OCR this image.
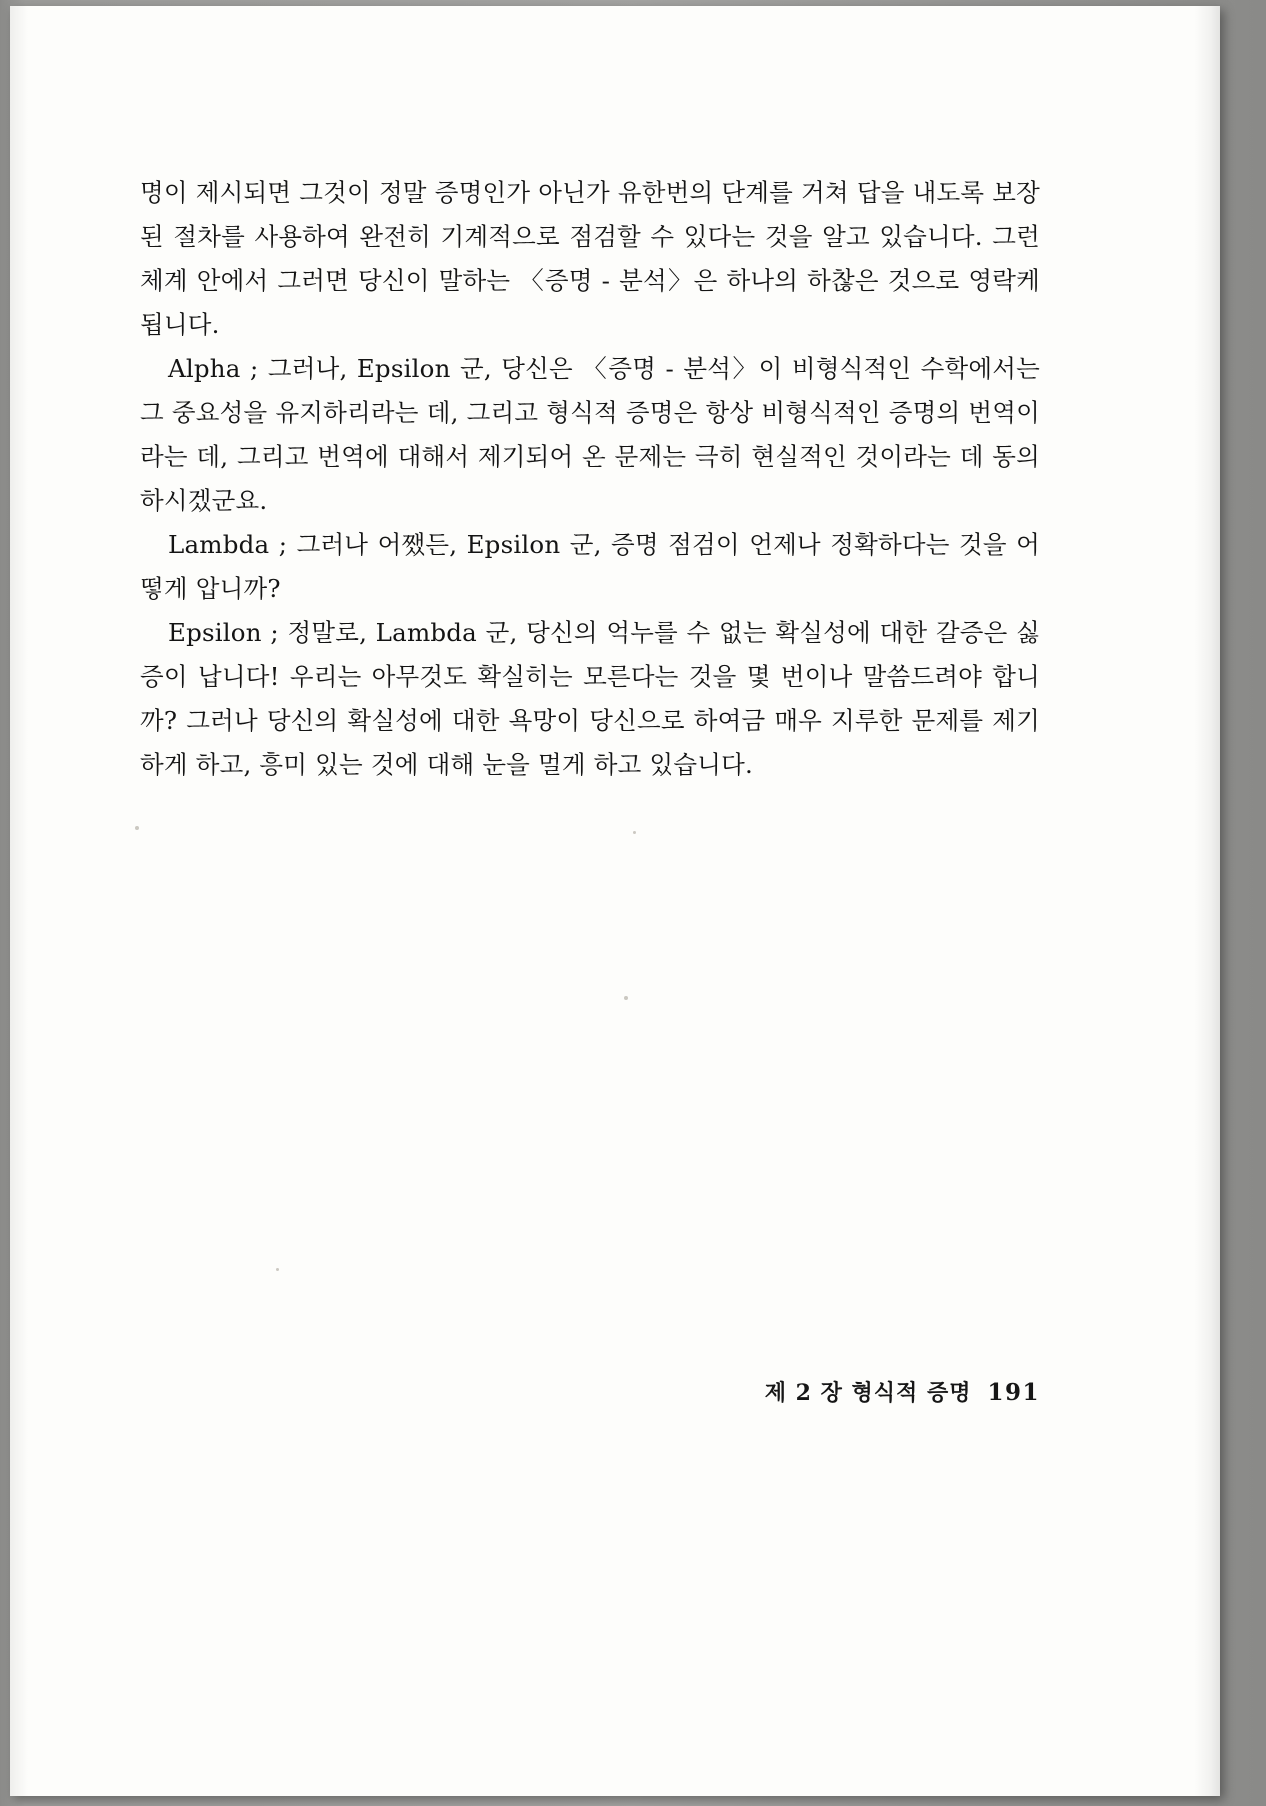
명이 제시되면 그것이 정말 증명인가 아닌가 유한번의 단계를 거쳐 답을 내도록 보장된 절차를 사용하여 완전히 기계적으로 점검할 수 있다는 것을 알고 있습니다. 그런 체계 안에서 그러면 당신이 말하는 〈증명 - 분석〉은 하나의 하찮은 것으로 영락케 됩니다.

Alpha ; 그러나, Epsilon 군, 당신은 〈증명 - 분석〉이 비형식적인 수학에서는 그 중요성을 유지하리라는 데, 그리고 형식적 증명은 항상 비형식적인 증명의 번역이라는 데, 그리고 번역에 대해서 제기되어 온 문제는 극히 현실적인 것이라는 데 동의하시겠군요.

Lambda ; 그러나 어쨌든, Epsilon 군, 증명 점검이 언제나 정확하다는 것을 어떻게 압니까?

Epsilon ; 정말로, Lambda 군, 당신의 억누를 수 없는 확실성에 대한 갈증은 싫증이 납니다! 우리는 아무것도 확실히는 모른다는 것을 몇 번이나 말씀드려야 합니까? 그러나 당신의 확실성에 대한 욕망이 당신으로 하여금 매우 지루한 문제를 제기하게 하고, 흥미 있는 것에 대해 눈을 멀게 하고 있습니다.

제 2 장 형식적 증명 191
